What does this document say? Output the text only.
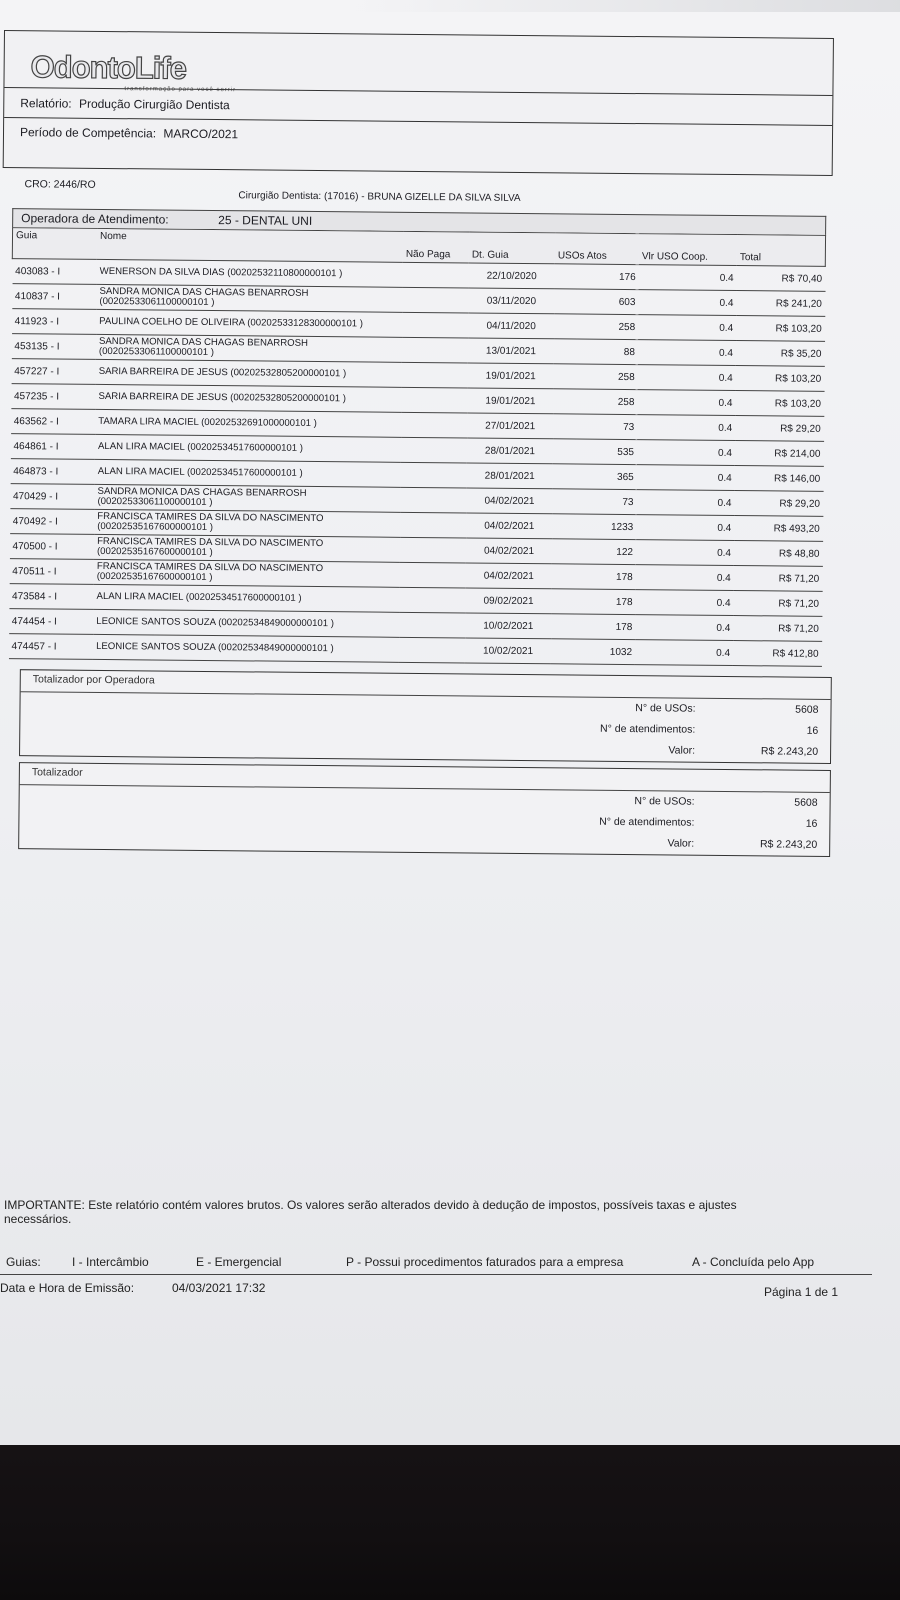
OdontoLife
transformação para você sorrir
Relatório: Produção Cirurgião Dentista
Período de Competência: MARCO/2021
CRO: 2446/RO
Cirurgião Dentista: (17016) - BRUNA GIZELLE DA SILVA SILVA
Operadora de Atendimento:	25 - DENTAL UNI
Guia	Nome	Não Paga	Dt. Guia	USOs Atos	Vlr USO Coop.	Total
403083 - I	WENERSON DA SILVA DIAS (00202532110800000101 )		22/10/2020	176	0.4	R$ 70,40
410837 - I	SANDRA MONICA DAS CHAGAS BENARROSH (00202533061100000101 )		03/11/2020	603	0.4	R$ 241,20
411923 - I	PAULINA COELHO DE OLIVEIRA (00202533128300000101 )		04/11/2020	258	0.4	R$ 103,20
453135 - I	SANDRA MONICA DAS CHAGAS BENARROSH (00202533061100000101 )		13/01/2021	88	0.4	R$ 35,20
457227 - I	SARIA BARREIRA DE JESUS (00202532805200000101 )		19/01/2021	258	0.4	R$ 103,20
457235 - I	SARIA BARREIRA DE JESUS (00202532805200000101 )		19/01/2021	258	0.4	R$ 103,20
463562 - I	TAMARA LIRA MACIEL (00202532691000000101 )		27/01/2021	73	0.4	R$ 29,20
464861 - I	ALAN LIRA MACIEL (00202534517600000101 )		28/01/2021	535	0.4	R$ 214,00
464873 - I	ALAN LIRA MACIEL (00202534517600000101 )		28/01/2021	365	0.4	R$ 146,00
470429 - I	SANDRA MONICA DAS CHAGAS BENARROSH (00202533061100000101 )		04/02/2021	73	0.4	R$ 29,20
470492 - I	FRANCISCA TAMIRES DA SILVA DO NASCIMENTO (00202535167600000101 )		04/02/2021	1233	0.4	R$ 493,20
470500 - I	FRANCISCA TAMIRES DA SILVA DO NASCIMENTO (00202535167600000101 )		04/02/2021	122	0.4	R$ 48,80
470511 - I	FRANCISCA TAMIRES DA SILVA DO NASCIMENTO (00202535167600000101 )		04/02/2021	178	0.4	R$ 71,20
473584 - I	ALAN LIRA MACIEL (00202534517600000101 )		09/02/2021	178	0.4	R$ 71,20
474454 - I	LEONICE SANTOS SOUZA (00202534849000000101 )		10/02/2021	178	0.4	R$ 71,20
474457 - I	LEONICE SANTOS SOUZA (00202534849000000101 )		10/02/2021	1032	0.4	R$ 412,80
Totalizador por Operadora
N° de USOs:	5608
N° de atendimentos:	16
Valor:	R$ 2.243,20
Totalizador
N° de USOs:	5608
N° de atendimentos:	16
Valor:	R$ 2.243,20
IMPORTANTE: Este relatório contém valores brutos. Os valores serão alterados devido à dedução de impostos, possíveis taxas e ajustes necessários.
Guias:	I - Intercâmbio	E - Emergencial	P - Possui procedimentos faturados para a empresa	A - Concluída pelo App
Data e Hora de Emissão:	04/03/2021 17:32	Página 1 de 1
